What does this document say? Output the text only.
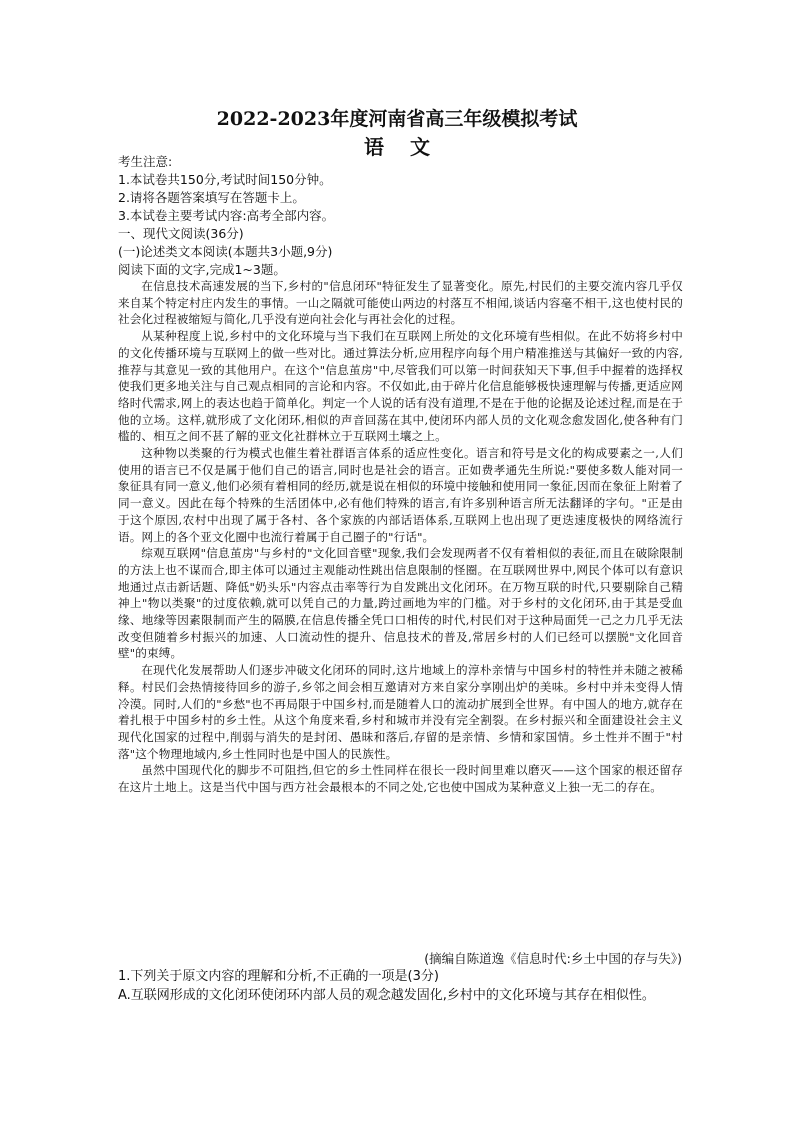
2022-2023年度河南省高三年级模拟考试
语文
考生注意:
1.本试卷共150分,考试时间150分钟。
2.请将各题答案填写在答题卡上。
3.本试卷主要考试内容:高考全部内容。
一、现代文阅读(36分)
(一)论述类文本阅读(本题共3小题,9分)
阅读下面的文字,完成1~3题。

在信息技术高速发展的当下,乡村的"信息闭环"特征发生了显著变化。原先,村民们的主要交流内容几乎仅来自某个特定村庄内发生的事情。一山之隔就可能使山两边的村落互不相闻,谈话内容毫不相干,这也使村民的社会化过程被缩短与简化,几乎没有逆向社会化与再社会化的过程。

从某种程度上说,乡村中的文化环境与当下我们在互联网上所处的文化环境有些相似。在此不妨将乡村中的文化传播环境与互联网上的做一些对比。通过算法分析,应用程序向每个用户精准推送与其偏好一致的内容,推荐与其意见一致的其他用户。在这个"信息茧房"中,尽管我们可以第一时间获知天下事,但手中握着的选择权使我们更多地关注与自己观点相同的言论和内容。不仅如此,由于碎片化信息能够极快速理解与传播,更适应网络时代需求,网上的表达也趋于简单化。判定一个人说的话有没有道理,不是在于他的论据及论述过程,而是在于他的立场。这样,就形成了文化闭环,相似的声音回荡在其中,使闭环内部人员的文化观念愈发固化,使各种有门槛的、相互之间不甚了解的亚文化社群林立于互联网土壤之上。

这种物以类聚的行为模式也催生着社群语言体系的适应性变化。语言和符号是文化的构成要素之一,人们使用的语言已不仅是属于他们自己的语言,同时也是社会的语言。正如费孝通先生所说:"要使多数人能对同一象征具有同一意义,他们必须有着相同的经历,就是说在相似的环境中接触和使用同一象征,因而在象征上附着了同一意义。因此在每个特殊的生活团体中,必有他们特殊的语言,有许多别种语言所无法翻译的字句。"正是由于这个原因,农村中出现了属于各村、各个家族的内部话语体系,互联网上也出现了更迭速度极快的网络流行语。网上的各个亚文化圈中也流行着属于自己圈子的"行话"。

综观互联网"信息茧房"与乡村的"文化回音壁"现象,我们会发现两者不仅有着相似的表征,而且在破除限制的方法上也不谋而合,即主体可以通过主观能动性跳出信息限制的怪圈。在互联网世界中,网民个体可以有意识地通过点击新话题、降低"奶头乐"内容点击率等行为自发跳出文化闭环。在万物互联的时代,只要剔除自己精神上"物以类聚"的过度依赖,就可以凭自己的力量,跨过画地为牢的门槛。对于乡村的文化闭环,由于其是受血缘、地缘等因素限制而产生的隔膜,在信息传播全凭口口相传的时代,村民们对于这种局面凭一己之力几乎无法改变但随着乡村振兴的加速、人口流动性的提升、信息技术的普及,常居乡村的人们已经可以摆脱"文化回音壁"的束缚。

在现代化发展帮助人们逐步冲破文化闭环的同时,这片地域上的淳朴亲情与中国乡村的特性并未随之被稀释。村民们会热情接待回乡的游子,乡邻之间会相互邀请对方来自家分享刚出炉的美味。乡村中并未变得人情冷漠。同时,人们的"乡愁"也不再局限于中国乡村,而是随着人口的流动扩展到全世界。有中国人的地方,就存在着扎根于中国乡村的乡土性。从这个角度来看,乡村和城市并没有完全割裂。在乡村振兴和全面建设社会主义现代化国家的过程中,削弱与消失的是封闭、愚昧和落后,存留的是亲情、乡情和家国情。乡土性并不囿于"村落"这个物理地域内,乡土性同时也是中国人的民族性。

虽然中国现代化的脚步不可阻挡,但它的乡土性同样在很长一段时间里难以磨灭——这个国家的根还留存在这片土地上。这是当代中国与西方社会最根本的不同之处,它也使中国成为某种意义上独一无二的存在。

(摘编自陈道逸《信息时代:乡土中国的存与失》)
1.下列关于原文内容的理解和分析,不正确的一项是(3分)
A.互联网形成的文化闭环使闭环内部人员的观念越发固化,乡村中的文化环境与其存在相似性。
